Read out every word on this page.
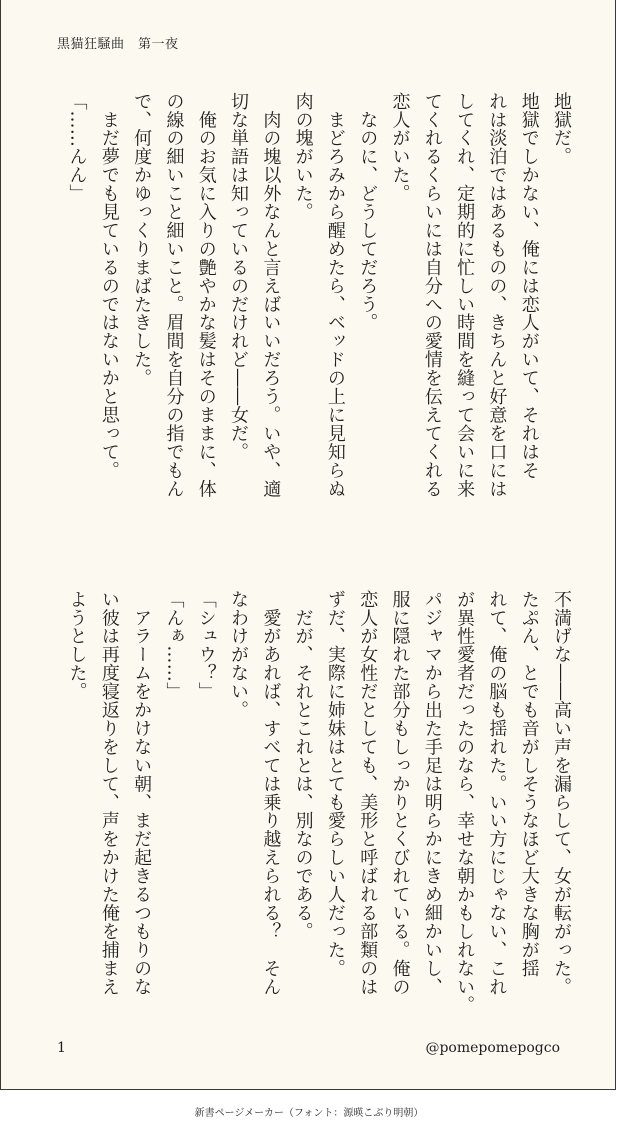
黒猫狂騒曲　第一夜
地獄だ。
地獄でしかない、俺には恋人がいて、それはそ
れは淡泊ではあるものの、きちんと好意を口には
してくれ、定期的に忙しい時間を縫って会いに来
てくれるくらいには自分への愛情を伝えてくれる
恋人がいた。
　なのに、どうしてだろう。
　まどろみから醒めたら、ベッドの上に見知らぬ
肉の塊がいた。
　肉の塊以外なんと言えばいいだろう。いや、適
切な単語は知っているのだけれど――女だ。
　俺のお気に入りの艶やかな髪はそのままに、体
の線の細いこと細いこと。眉間を自分の指でもん
で、何度かゆっくりまばたきした。
　まだ夢でも見ているのではないかと思って。
「……んん」
不満げな――高い声を漏らして、女が転がった。
たぷん、とでも音がしそうなほど大きな胸が揺
れて、俺の脳も揺れた。いい方にじゃない、これ
が異性愛者だったのなら、幸せな朝かもしれない。
パジャマから出た手足は明らかにきめ細かいし、
服に隠れた部分もしっかりとくびれている。俺の
恋人が女性だとしても、美形と呼ばれる部類のは
ずだ、実際に姉妹はとても愛らしい人だった。
　だが、それとこれとは、別なのである。
　愛があれば、すべては乗り越えられる？　そん
なわけがない。
「シュウ？」
「んぁ……」
　アラームをかけない朝、まだ起きるつもりのな
い彼は再度寝返りをして、声をかけた俺を捕まえ
ようとした。
1	@pomepomepogco
新書ページメーカー（フォント：源暎こぶり明朝）
